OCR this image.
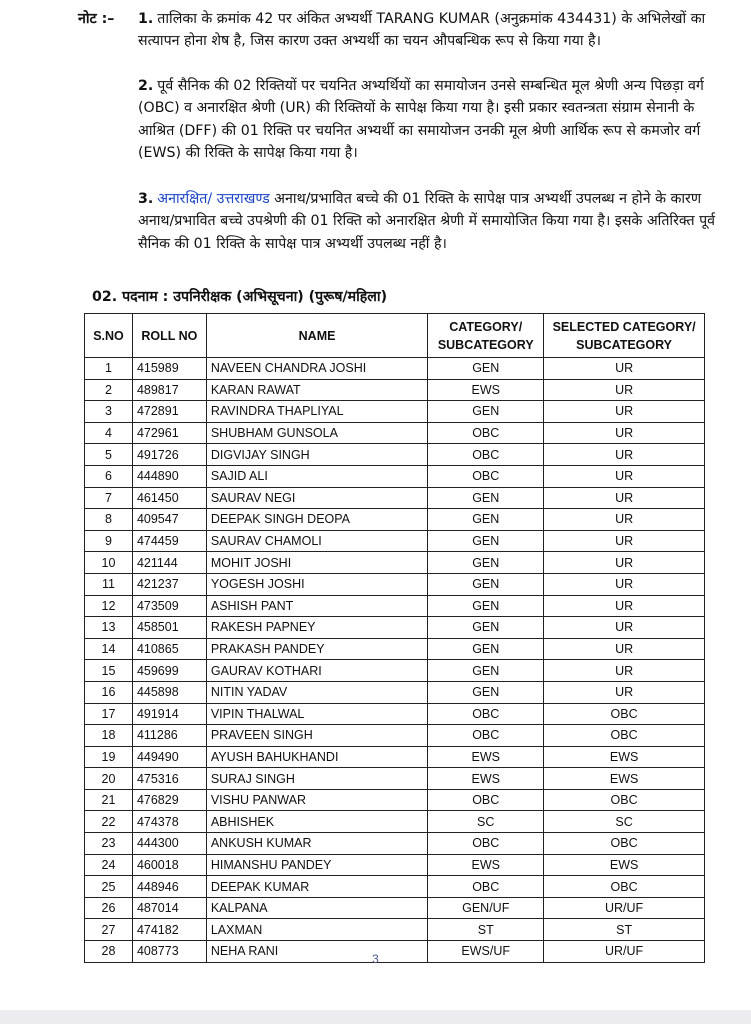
नोट :– 1. तालिका के क्रमांक 42 पर अंकित अभ्यर्थी TARANG KUMAR (अनुक्रमांक 434431) के अभिलेखों का सत्यापन होना शेष है, जिस कारण उक्त अभ्यर्थी का चयन औपबन्धिक रूप से किया गया है।

2. पूर्व सैनिक की 02 रिक्तियों पर चयनित अभ्यर्थियों का समायोजन उनसे सम्बन्धित मूल श्रेणी अन्य पिछड़ा वर्ग (OBC) व अनारक्षित श्रेणी (UR) की रिक्तियों के सापेक्ष किया गया है। इसी प्रकार स्वतन्त्रता संग्राम सेनानी के आश्रित (DFF) की 01 रिक्ति पर चयनित अभ्यर्थी का समायोजन उनकी मूल श्रेणी आर्थिक रूप से कमजोर वर्ग (EWS) की रिक्ति के सापेक्ष किया गया है।

3. अनारक्षित/ उत्तराखण्ड अनाथ/प्रभावित बच्चे की 01 रिक्ति के सापेक्ष पात्र अभ्यर्थी उपलब्ध न होने के कारण अनाथ/प्रभावित बच्चे उपश्रेणी की 01 रिक्ति को अनारक्षित श्रेणी में समायोजित किया गया है। इसके अतिरिक्त पूर्व सैनिक की 01 रिक्ति के सापेक्ष पात्र अभ्यर्थी उपलब्ध नहीं है।

02. पदनाम : उपनिरीक्षक (अभिसूचना) (पुरूष/महिला)
S.NO	ROLL NO	NAME	CATEGORY/ SUBCATEGORY	SELECTED CATEGORY/ SUBCATEGORY
1	415989	NAVEEN CHANDRA JOSHI	GEN	UR
2	489817	KARAN RAWAT	EWS	UR
3	472891	RAVINDRA THAPLIYAL	GEN	UR
4	472961	SHUBHAM GUNSOLA	OBC	UR
5	491726	DIGVIJAY SINGH	OBC	UR
6	444890	SAJID ALI	OBC	UR
7	461450	SAURAV NEGI	GEN	UR
8	409547	DEEPAK SINGH DEOPA	GEN	UR
9	474459	SAURAV CHAMOLI	GEN	UR
10	421144	MOHIT JOSHI	GEN	UR
11	421237	YOGESH JOSHI	GEN	UR
12	473509	ASHISH PANT	GEN	UR
13	458501	RAKESH PAPNEY	GEN	UR
14	410865	PRAKASH PANDEY	GEN	UR
15	459699	GAURAV KOTHARI	GEN	UR
16	445898	NITIN YADAV	GEN	UR
17	491914	VIPIN THALWAL	OBC	OBC
18	411286	PRAVEEN SINGH	OBC	OBC
19	449490	AYUSH BAHUKHANDI	EWS	EWS
20	475316	SURAJ SINGH	EWS	EWS
21	476829	VISHU PANWAR	OBC	OBC
22	474378	ABHISHEK	SC	SC
23	444300	ANKUSH KUMAR	OBC	OBC
24	460018	HIMANSHU PANDEY	EWS	EWS
25	448946	DEEPAK KUMAR	OBC	OBC
26	487014	KALPANA	GEN/UF	UR/UF
27	474182	LAXMAN	ST	ST
28	408773	NEHA RANI	EWS/UF	UR/UF
3
